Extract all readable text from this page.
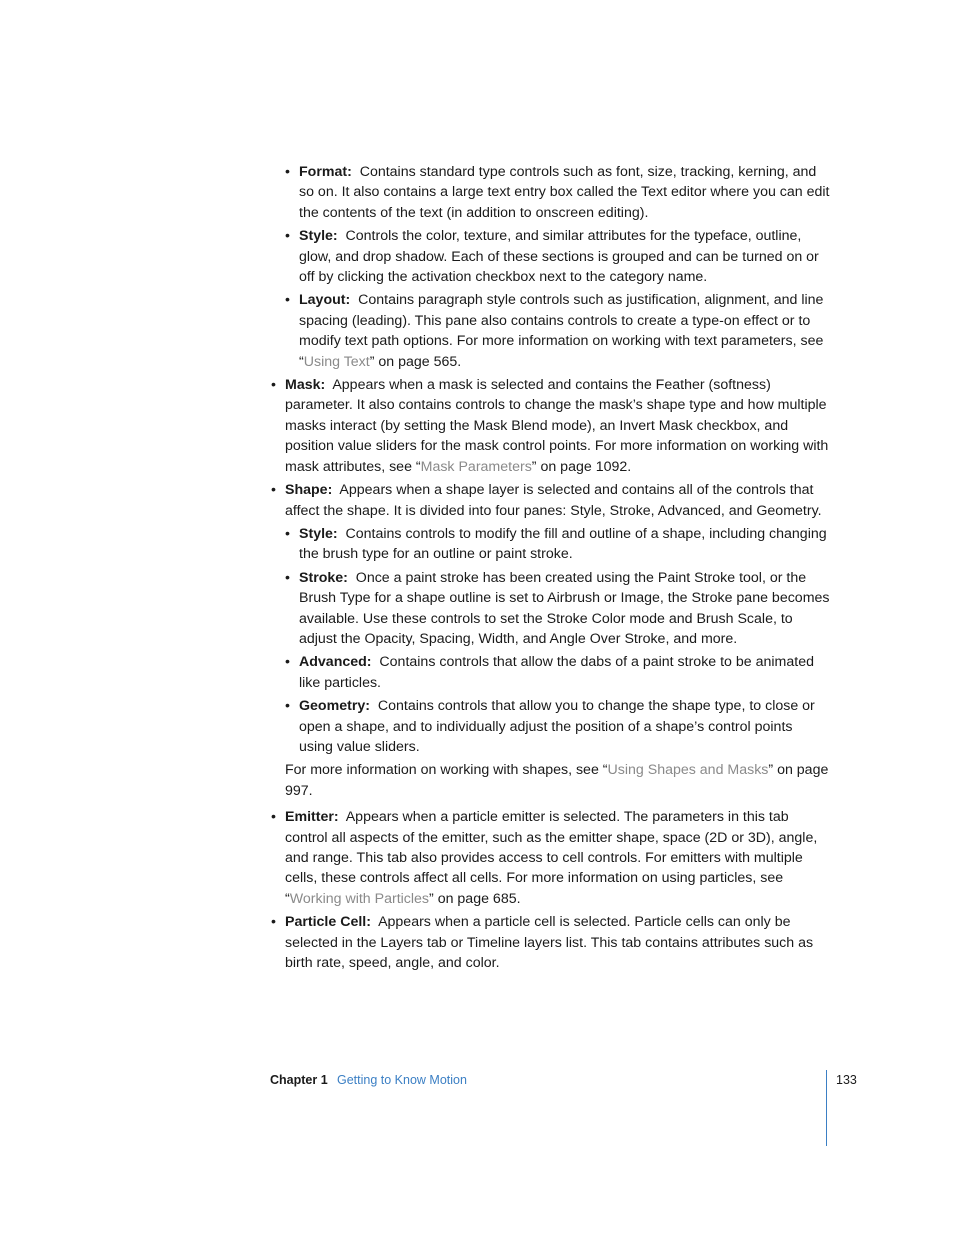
• Format: Contains standard type controls such as font, size, tracking, kerning, and so on. It also contains a large text entry box called the Text editor where you can edit the contents of the text (in addition to onscreen editing).
• Style: Controls the color, texture, and similar attributes for the typeface, outline, glow, and drop shadow. Each of these sections is grouped and can be turned on or off by clicking the activation checkbox next to the category name.
• Layout: Contains paragraph style controls such as justification, alignment, and line spacing (leading). This pane also contains controls to create a type-on effect or to modify text path options. For more information on working with text parameters, see “Using Text” on page 565.
• Mask: Appears when a mask is selected and contains the Feather (softness) parameter. It also contains controls to change the mask’s shape type and how multiple masks interact (by setting the Mask Blend mode), an Invert Mask checkbox, and position value sliders for the mask control points. For more information on working with mask attributes, see “Mask Parameters” on page 1092.
• Shape: Appears when a shape layer is selected and contains all of the controls that affect the shape. It is divided into four panes: Style, Stroke, Advanced, and Geometry.
• Style: Contains controls to modify the fill and outline of a shape, including changing the brush type for an outline or paint stroke.
• Stroke: Once a paint stroke has been created using the Paint Stroke tool, or the Brush Type for a shape outline is set to Airbrush or Image, the Stroke pane becomes available. Use these controls to set the Stroke Color mode and Brush Scale, to adjust the Opacity, Spacing, Width, and Angle Over Stroke, and more.
• Advanced: Contains controls that allow the dabs of a paint stroke to be animated like particles.
• Geometry: Contains controls that allow you to change the shape type, to close or open a shape, and to individually adjust the position of a shape’s control points using value sliders.
For more information on working with shapes, see “Using Shapes and Masks” on page 997.
• Emitter: Appears when a particle emitter is selected. The parameters in this tab control all aspects of the emitter, such as the emitter shape, space (2D or 3D), angle, and range. This tab also provides access to cell controls. For emitters with multiple cells, these controls affect all cells. For more information on using particles, see “Working with Particles” on page 685.
• Particle Cell: Appears when a particle cell is selected. Particle cells can only be selected in the Layers tab or Timeline layers list. This tab contains attributes such as birth rate, speed, angle, and color.
Chapter 1 Getting to Know Motion	133
